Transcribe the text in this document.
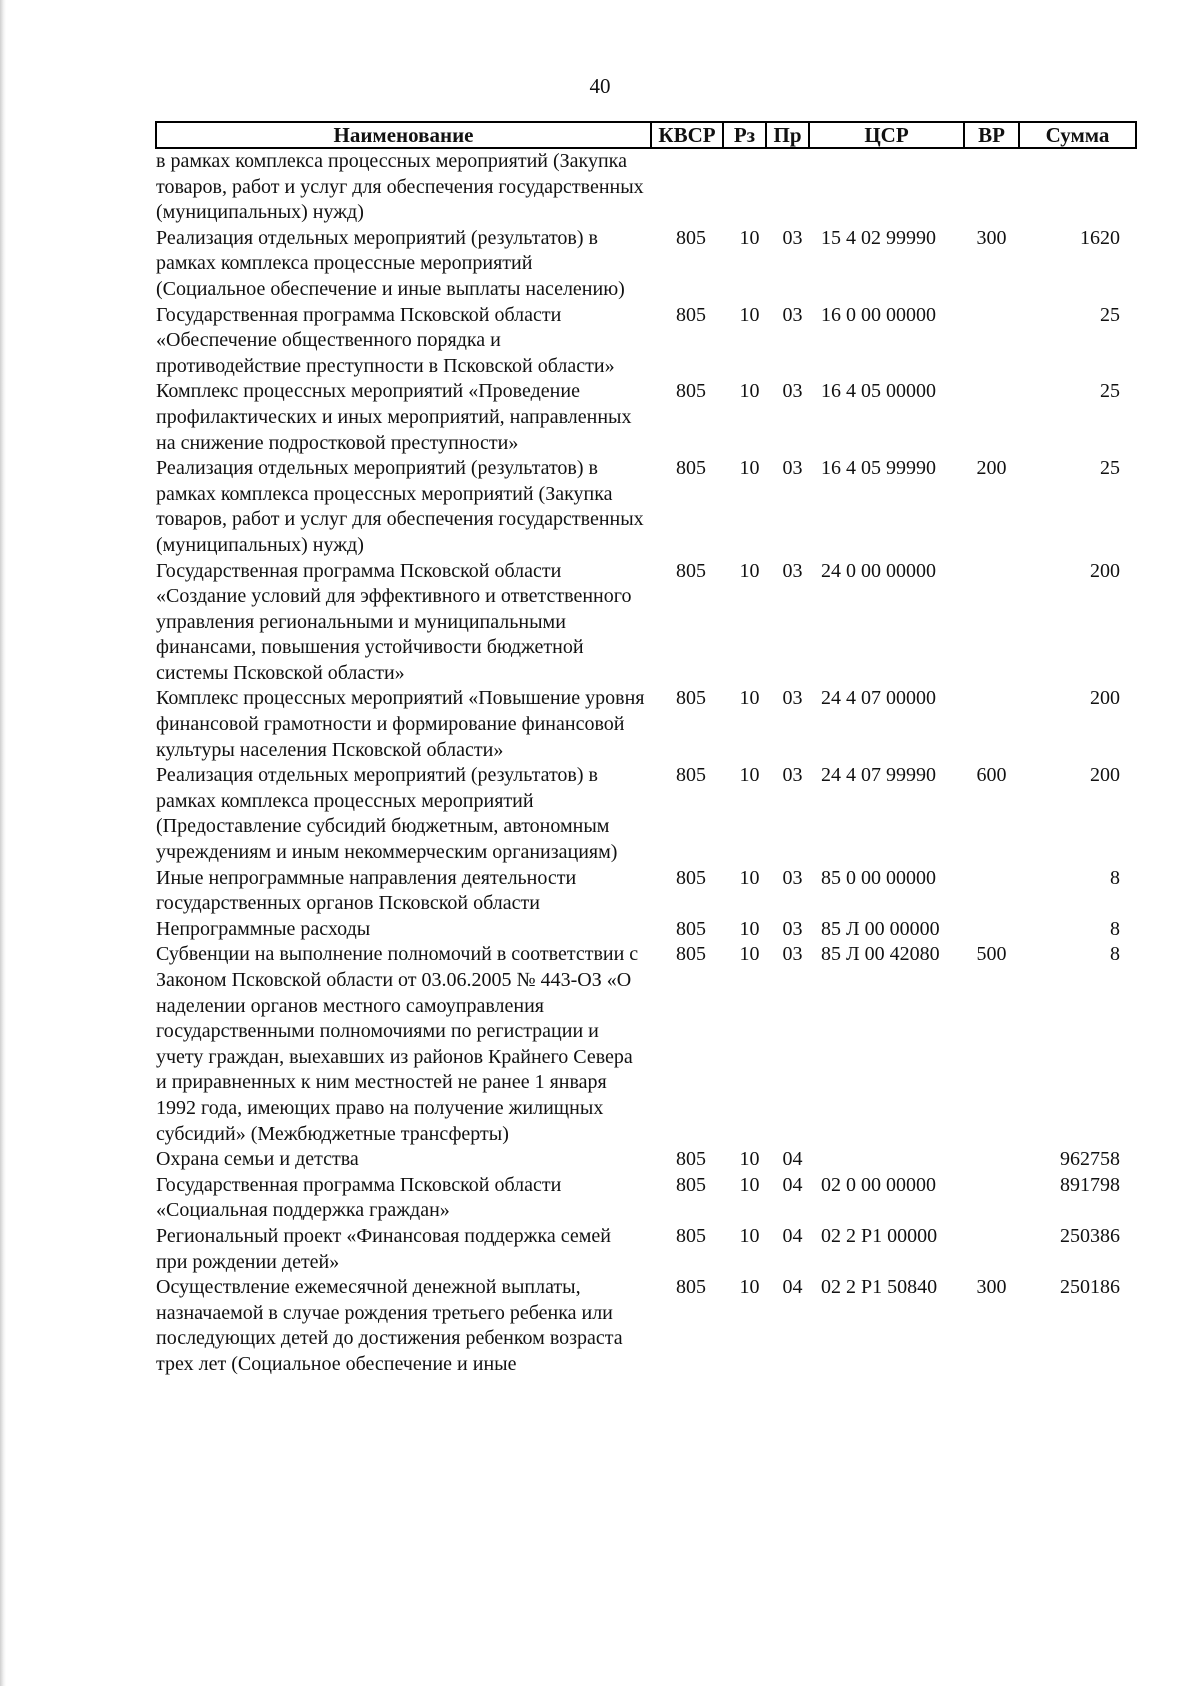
40
Наименование	КВСР	Рз	Пр	ЦСР	ВР	Сумма
в рамках комплекса процессных мероприятий (Закупка товаров, работ и услуг для обеспечения государственных (муниципальных) нужд)						
Реализация отдельных мероприятий (результатов) в рамках комплекса процессные мероприятий (Социальное обеспечение и иные выплаты населению)	805	10	03	15 4 02 99990	300	1620
Государственная программа Псковской области «Обеспечение общественного порядка и противодействие преступности в Псковской области»	805	10	03	16 0 00 00000		25
Комплекс процессных мероприятий «Проведение профилактических и иных мероприятий, направленных на снижение подростковой преступности»	805	10	03	16 4 05 00000		25
Реализация отдельных мероприятий (результатов) в рамках комплекса процессных мероприятий (Закупка товаров, работ и услуг для обеспечения государственных (муниципальных) нужд)	805	10	03	16 4 05 99990	200	25
Государственная программа Псковской области «Создание условий для эффективного и ответственного управления региональными и муниципальными финансами, повышения устойчивости бюджетной системы Псковской области»	805	10	03	24 0 00 00000		200
Комплекс процессных мероприятий «Повышение уровня финансовой грамотности и формирование финансовой культуры населения Псковской области»	805	10	03	24 4 07 00000		200
Реализация отдельных мероприятий (результатов) в рамках комплекса процессных мероприятий (Предоставление субсидий бюджетным, автономным учреждениям и иным некоммерческим организациям)	805	10	03	24 4 07 99990	600	200
Иные непрограммные направления деятельности государственных органов Псковской области	805	10	03	85 0 00 00000		8
Непрограммные расходы	805	10	03	85 Л 00 00000		8
Субвенции на выполнение полномочий в соответствии с Законом Псковской области от 03.06.2005 № 443-ОЗ «О наделении органов местного самоуправления государственными полномочиями по регистрации и учету граждан, выехавших из районов Крайнего Севера и приравненных к ним местностей не ранее 1 января 1992 года, имеющих право на получение жилищных субсидий» (Межбюджетные трансферты)	805	10	03	85 Л 00 42080	500	8
Охрана семьи и детства	805	10	04			962758
Государственная программа Псковской области «Социальная поддержка граждан»	805	10	04	02 0 00 00000		891798
Региональный проект «Финансовая поддержка семей при рождении детей»	805	10	04	02 2 P1 00000		250386
Осуществление ежемесячной денежной выплаты, назначаемой в случае рождения третьего ребенка или последующих детей до достижения ребенком возраста трех лет (Социальное обеспечение и иные	805	10	04	02 2 P1 50840	300	250186
